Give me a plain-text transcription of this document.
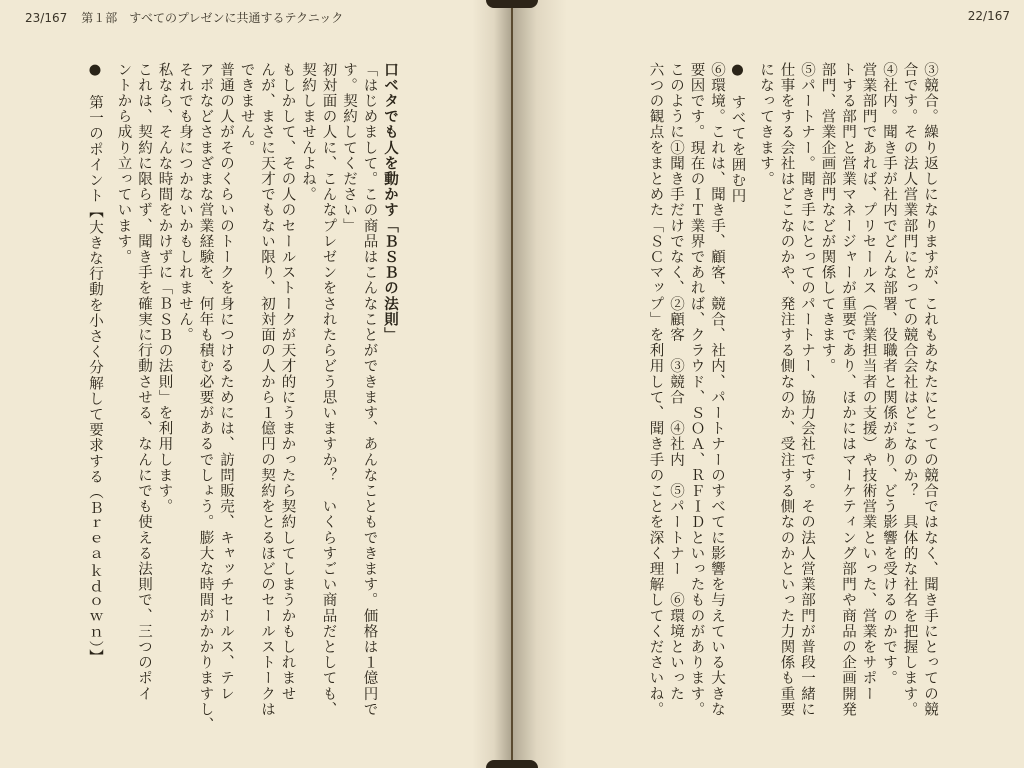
23/167 第１部　すべてのプレゼンに共通するテクニック
口ベタでも人を動かす「ＢＳＢの法則」
「はじめまして。この商品はこんなことができます、あんなこともできます。価格は１億円で
す。契約してください」
初対面の人に、こんなプレゼンをされたらどう思いますか？　いくらすごい商品だとしても、
契約しませんよね。
もしかして、その人のセールストークが天才的にうまかったら契約してしまうかもしれませ
んが、まさに天才でもない限り、初対面の人から１億円の契約をとるほどのセールストークは
できません。
普通の人がそのくらいのトークを身につけるためには、訪問販売、キャッチセールス、テレ
アポなどさまざまな営業経験を、何年も積む必要があるでしょう。膨大な時間がかかりますし、
それでも身につかないかもしれません。
私なら、そんな時間をかけずに「ＢＳＢの法則」を利用します。
これは、契約に限らず、聞き手を確実に行動させる、なんにでも使える法則で、三つのポイ
ントから成り立っています。
●　第一のポイント【大きな行動を小さく分解して要求する（Ｂｒｅａｋｄｏｗｎ）】
22/167
③競合。繰り返しになりますが、これもあなたにとっての競合ではなく、聞き手にとっての競
合です。その法人営業部門にとっての競合会社はどこなのか？　具体的な社名を把握します。
④社内。聞き手が社内でどんな部署、役職者と関係があり、どう影響を受けるのかです。
営業部門であれば、プリセールス（営業担当者の支援）や技術営業といった、営業をサポー
トする部門と営業マネージャーが重要であり、ほかにはマーケティング部門や商品の企画開発
部門、営業企画部門などが関係してきます。
⑤パートナー。聞き手にとってのパートナー、協力会社です。その法人営業部門が普段一緒に
仕事をする会社はどこなのかや、発注する側なのか、受注する側なのかといった力関係も重要
になってきます。
●　すべてを囲む円
⑥環境。これは、聞き手、顧客、競合、社内、パートナーのすべてに影響を与えている大きな
要因です。現在のＩＴ業界であれば、クラウド、ＳＯＡ、ＲＦＩＤといったものがあります。
このように①聞き手だけでなく、②顧客　③競合　④社内　⑤パートナー　⑥環境といった
六つの観点をまとめた「ＳＣマップ」を利用して、聞き手のことを深く理解してくださいね。
